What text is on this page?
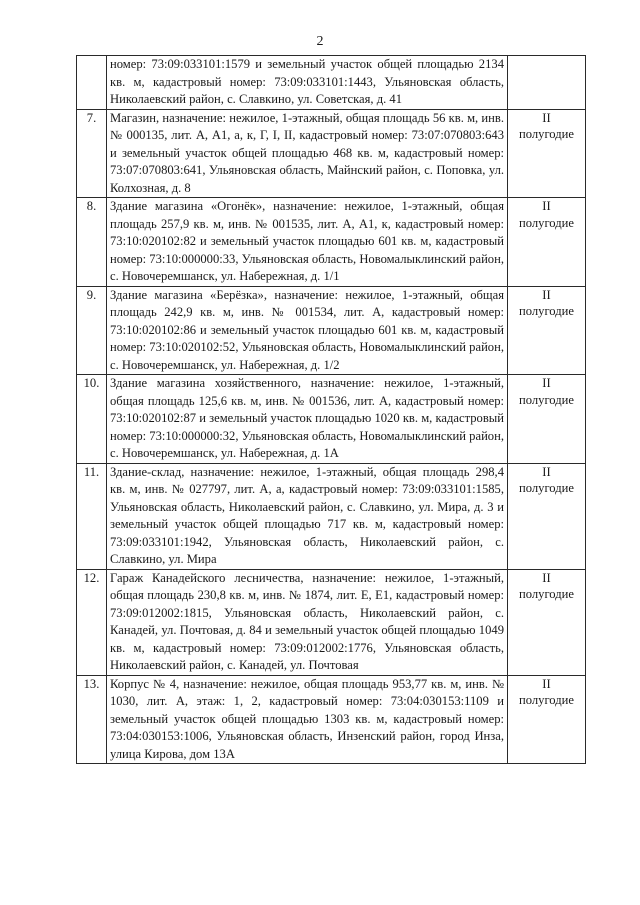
2
	номер: 73:09:033101:1579 и земельный участок общей площадью 2134 кв. м, кадастровый номер: 73:09:033101:1443, Ульяновская область, Николаевский район, с. Славкино, ул. Советская, д. 41	

7.	Магазин, назначение: нежилое, 1-этажный, общая площадь 56 кв. м, инв. № 000135, лит. А, А1, а, к, Г, I, II, кадастровый номер: 73:07:070803:643 и земельный участок общей площадью 468 кв. м, кадастровый номер: 73:07:070803:641, Ульяновская область, Майнский район, с. Поповка, ул. Колхозная, д. 8	II
полугодие

8.	Здание магазина «Огонёк», назначение: нежилое, 1-этажный, общая площадь 257,9 кв. м, инв. № 001535, лит. А, А1, к, кадастровый номер: 73:10:020102:82 и земельный участок площадью 601 кв. м, кадастровый номер: 73:10:000000:33, Ульяновская область, Новомалыклинский район, с. Новочеремшанск, ул. Набережная, д. 1/1	II
полугодие

9.	Здание магазина «Берёзка», назначение: нежилое, 1-этажный, общая площадь 242,9 кв. м, инв. № 001534, лит. А, кадастровый номер: 73:10:020102:86 и земельный участок площадью 601 кв. м, кадастровый номер: 73:10:020102:52, Ульяновская область, Новомалыклинский район, с. Новочеремшанск, ул. Набережная, д. 1/2	II
полугодие

10.	Здание магазина хозяйственного, назначение: нежилое, 1-этажный, общая площадь 125,6 кв. м, инв. № 001536, лит. А, кадастровый номер: 73:10:020102:87 и земельный участок площадью 1020 кв. м, кадастровый номер: 73:10:000000:32, Ульяновская область, Новомалыклинский район, с. Новочеремшанск, ул. Набережная, д. 1А	II
полугодие

11.	Здание-склад, назначение: нежилое, 1-этажный, общая площадь 298,4 кв. м, инв. № 027797, лит. А, а, кадастровый номер: 73:09:033101:1585, Ульяновская область, Николаевский район, с. Славкино, ул. Мира, д. 3 и земельный участок общей площадью 717 кв. м, кадастровый номер: 73:09:033101:1942, Ульяновская область, Николаевский район, с. Славкино, ул. Мира	II
полугодие

12.	Гараж Канадейского лесничества, назначение: нежилое, 1-этажный, общая площадь 230,8 кв. м, инв. № 1874, лит. Е, Е1, кадастровый номер: 73:09:012002:1815, Ульяновская область, Николаевский район, с. Канадей, ул. Почтовая, д. 84 и земельный участок общей площадью 1049 кв. м, кадастровый номер: 73:09:012002:1776, Ульяновская область, Николаевский район, с. Канадей, ул. Почтовая	II
полугодие

13.	Корпус № 4, назначение: нежилое, общая площадь 953,77 кв. м, инв. № 1030, лит. А, этаж: 1, 2, кадастровый номер: 73:04:030153:1109 и земельный участок общей площадью 1303 кв. м, кадастровый номер: 73:04:030153:1006, Ульяновская область, Инзенский район, город Инза, улица Кирова, дом 13А	II
полугодие
